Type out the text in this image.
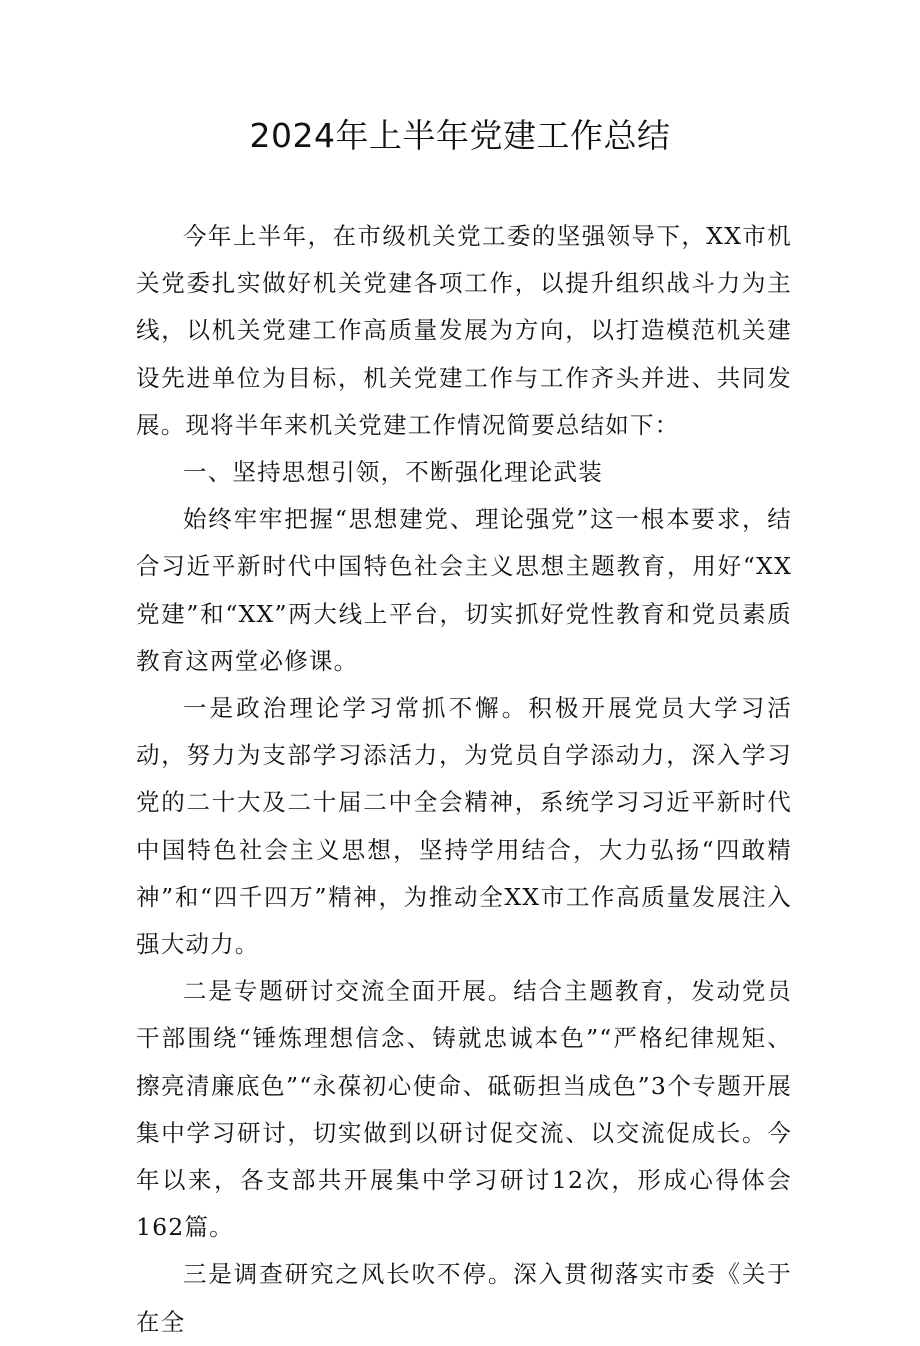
2024年上半年党建工作总结

今年上半年，在市级机关党工委的坚强领导下，XX市机关党委扎实做好机关党建各项工作，以提升组织战斗力为主线，以机关党建工作高质量发展为方向，以打造模范机关建设先进单位为目标，机关党建工作与工作齐头并进、共同发展。现将半年来机关党建工作情况简要总结如下：

一、坚持思想引领，不断强化理论武装

始终牢牢把握“思想建党、理论强党”这一根本要求，结合习近平新时代中国特色社会主义思想主题教育，用好“XX党建”和“XX”两大线上平台，切实抓好党性教育和党员素质教育这两堂必修课。

一是政治理论学习常抓不懈。积极开展党员大学习活动，努力为支部学习添活力，为党员自学添动力，深入学习党的二十大及二十届二中全会精神，系统学习习近平新时代中国特色社会主义思想，坚持学用结合，大力弘扬“四敢精神”和“四千四万”精神，为推动全XX市工作高质量发展注入强大动力。

二是专题研讨交流全面开展。结合主题教育，发动党员干部围绕“锤炼理想信念、铸就忠诚本色”“严格纪律规矩、擦亮清廉底色”“永葆初心使命、砥砺担当成色”3个专题开展集中学习研讨，切实做到以研讨促交流、以交流促成长。今年以来，各支部共开展集中学习研讨12次，形成心得体会162篇。

三是调查研究之风长吹不停。深入贯彻落实市委《关于在全
